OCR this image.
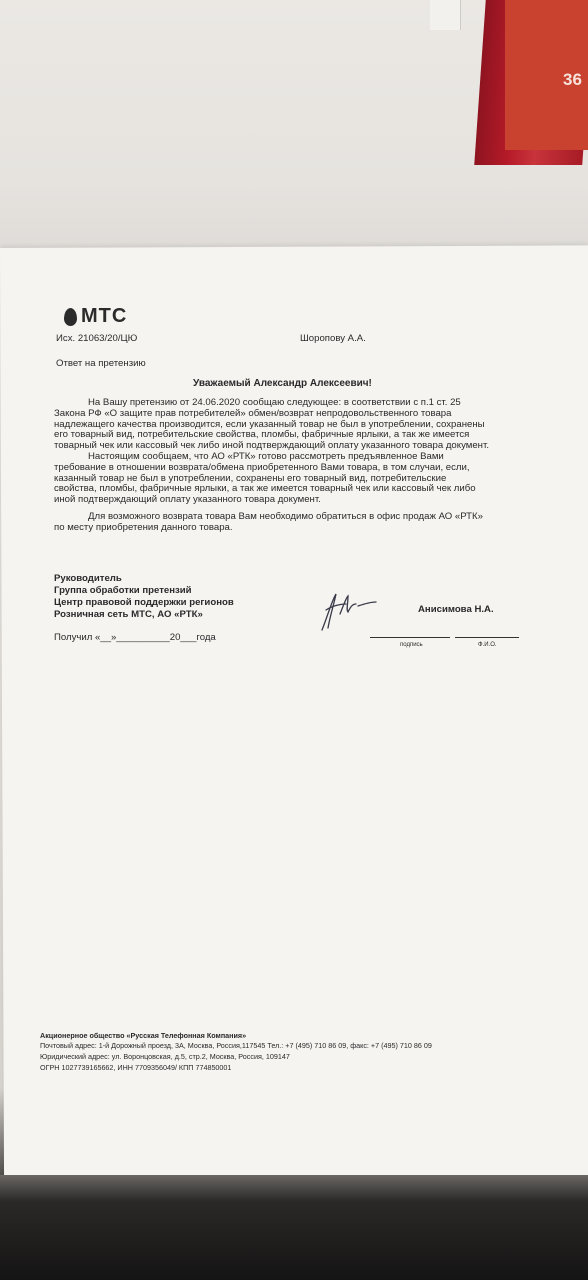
36
МТС
Исх. 21063/20/ЦЮ	Шоропову А.А.
Ответ на претензию
Уважаемый Александр Алексеевич!
На Вашу претензию от 24.06.2020 сообщаю следующее: в соответствии с п.1 ст. 25
Закона РФ «О защите прав потребителей» обмен/возврат непродовольственного товара
надлежащего качества производится, если указанный товар не был в употреблении, сохранены
его товарный вид, потребительские свойства, пломбы, фабричные ярлыки, а так же имеется
товарный чек или кассовый чек либо иной подтверждающий оплату указанного товара документ.
Настоящим сообщаем, что АО «РТК» готово рассмотреть предъявленное Вами
требование в отношении возврата/обмена приобретенного Вами товара, в том случаи, если,
казанный товар не был в употреблении, сохранены его товарный вид, потребительские
свойства, пломбы, фабричные ярлыки, а так же имеется товарный чек или кассовый чек либо
иной подтверждающий оплату указанного товара документ.
Для возможного возврата товара Вам необходимо обратиться в офис продаж АО «РТК»
по месту приобретения данного товара.
Руководитель
Группа обработки претензий
Центр правовой поддержки регионов
Розничная сеть МТС, АО «РТК»	Анисимова Н.А.
подпись	Ф.И.О.
Получил «__»__________20___года
Акционерное общество «Русская Телефонная Компания»
Почтовый адрес: 1-й Дорожный проезд, 3А, Москва, Россия,117545 Тел.: +7 (495) 710 86 09, факс: +7 (495) 710 86 09
Юридический адрес: ул. Воронцовская, д.5, стр.2, Москва, Россия, 109147
ОГРН 1027739165662, ИНН 7709356049/ КПП 774850001
